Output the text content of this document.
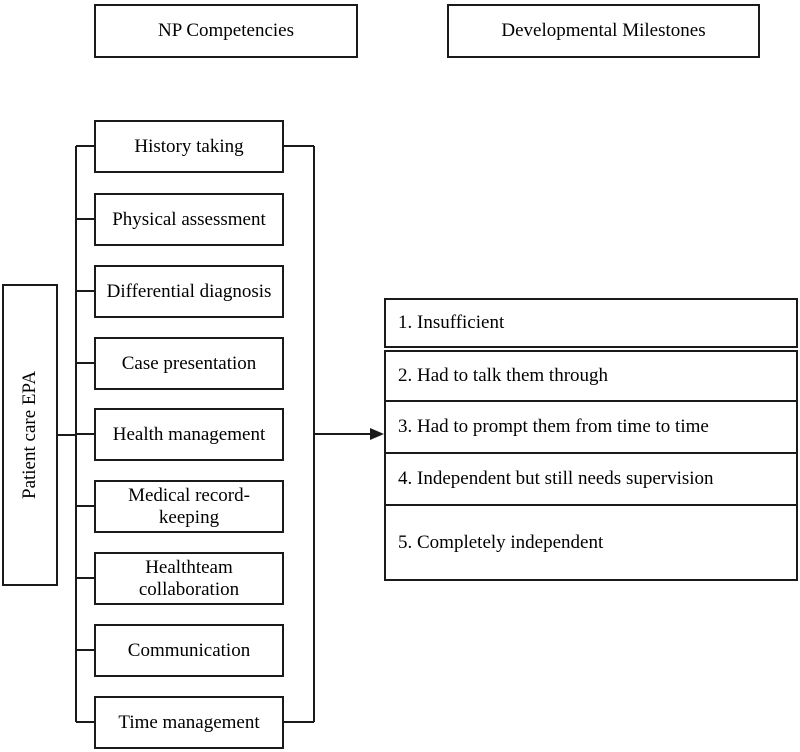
NP Competencies	Developmental Milestones
Patient care EPA
History taking
Physical assessment
Differential diagnosis
Case presentation
Health management
Medical record-keeping
Healthteam collaboration
Communication
Time management
1. Insufficient
2. Had to talk them through
3. Had to prompt them from time to time
4. Independent but still needs supervision
5. Completely independent
